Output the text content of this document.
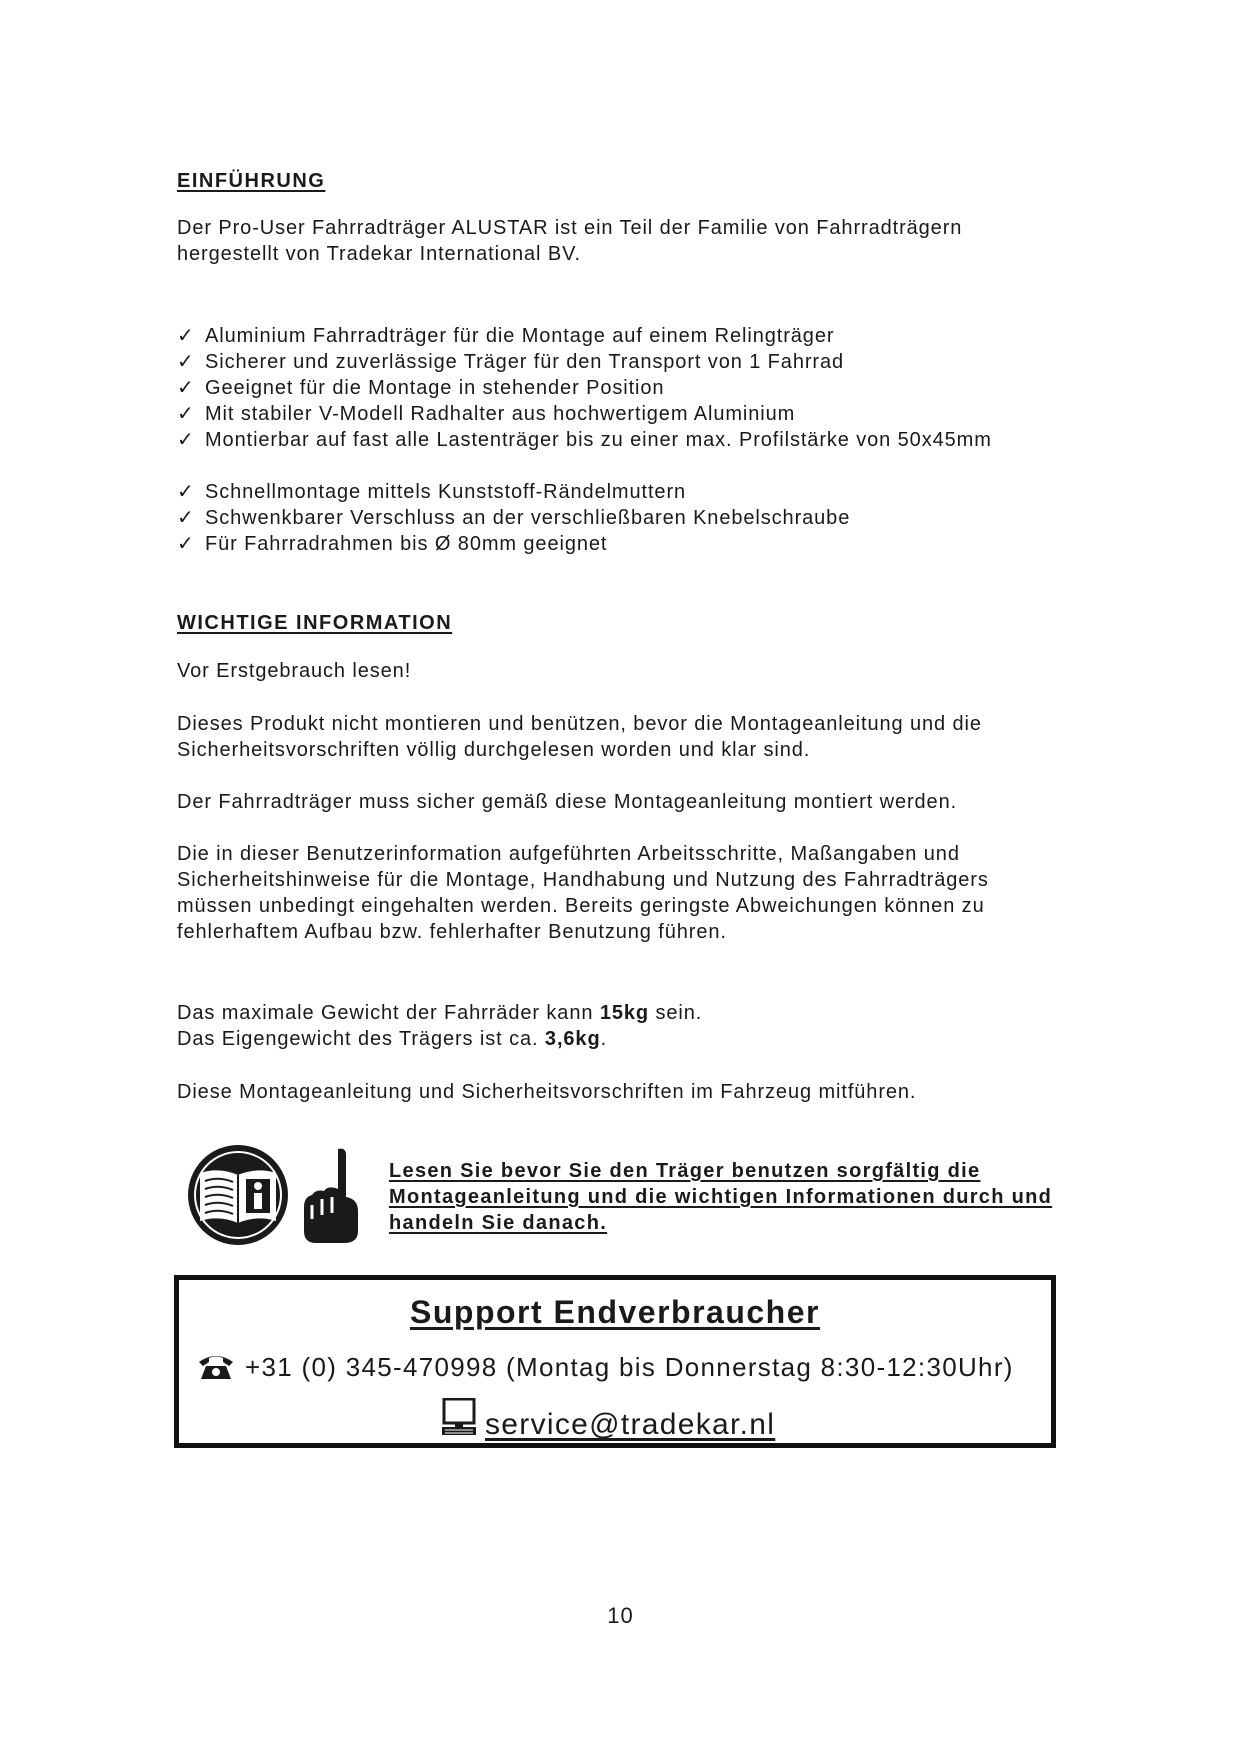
EINFÜHRUNG

Der Pro-User Fahrradträger ALUSTAR ist ein Teil der Familie von Fahrradträgern hergestellt von Tradekar International BV.

✓ Aluminium Fahrradträger für die Montage auf einem Relingträger
✓ Sicherer und zuverlässige Träger für den Transport von 1 Fahrrad
✓ Geeignet für die Montage in stehender Position
✓ Mit stabiler V-Modell Radhalter aus hochwertigem Aluminium
✓ Montierbar auf fast alle Lastenträger bis zu einer max. Profilstärke von 50x45mm
✓ Schnellmontage mittels Kunststoff-Rändelmuttern
✓ Schwenkbarer Verschluss an der verschließbaren Knebelschraube
✓ Für Fahrradrahmen bis Ø 80mm geeignet
WICHTIGE INFORMATION

Vor Erstgebrauch lesen!

Dieses Produkt nicht montieren und benützen, bevor die Montageanleitung und die Sicherheitsvorschriften völlig durchgelesen worden und klar sind.

Der Fahrradträger muss sicher gemäß diese Montageanleitung montiert werden.

Die in dieser Benutzerinformation aufgeführten Arbeitsschritte, Maßangaben und Sicherheitshinweise für die Montage, Handhabung und Nutzung des Fahrradträgers müssen unbedingt eingehalten werden. Bereits geringste Abweichungen können zu fehlerhaftem Aufbau bzw. fehlerhafter Benutzung führen.

Das maximale Gewicht der Fahrräder kann 15kg sein.
Das Eigengewicht des Trägers ist ca. 3,6kg.

Diese Montageanleitung und Sicherheitsvorschriften im Fahrzeug mitführen.

Lesen Sie bevor Sie den Träger benutzen sorgfältig die Montageanleitung und die wichtigen Informationen durch und handeln Sie danach.

Support Endverbraucher
+31 (0) 345-470998 (Montag bis Donnerstag 8:30-12:30Uhr)
service@tradekar.nl
10
